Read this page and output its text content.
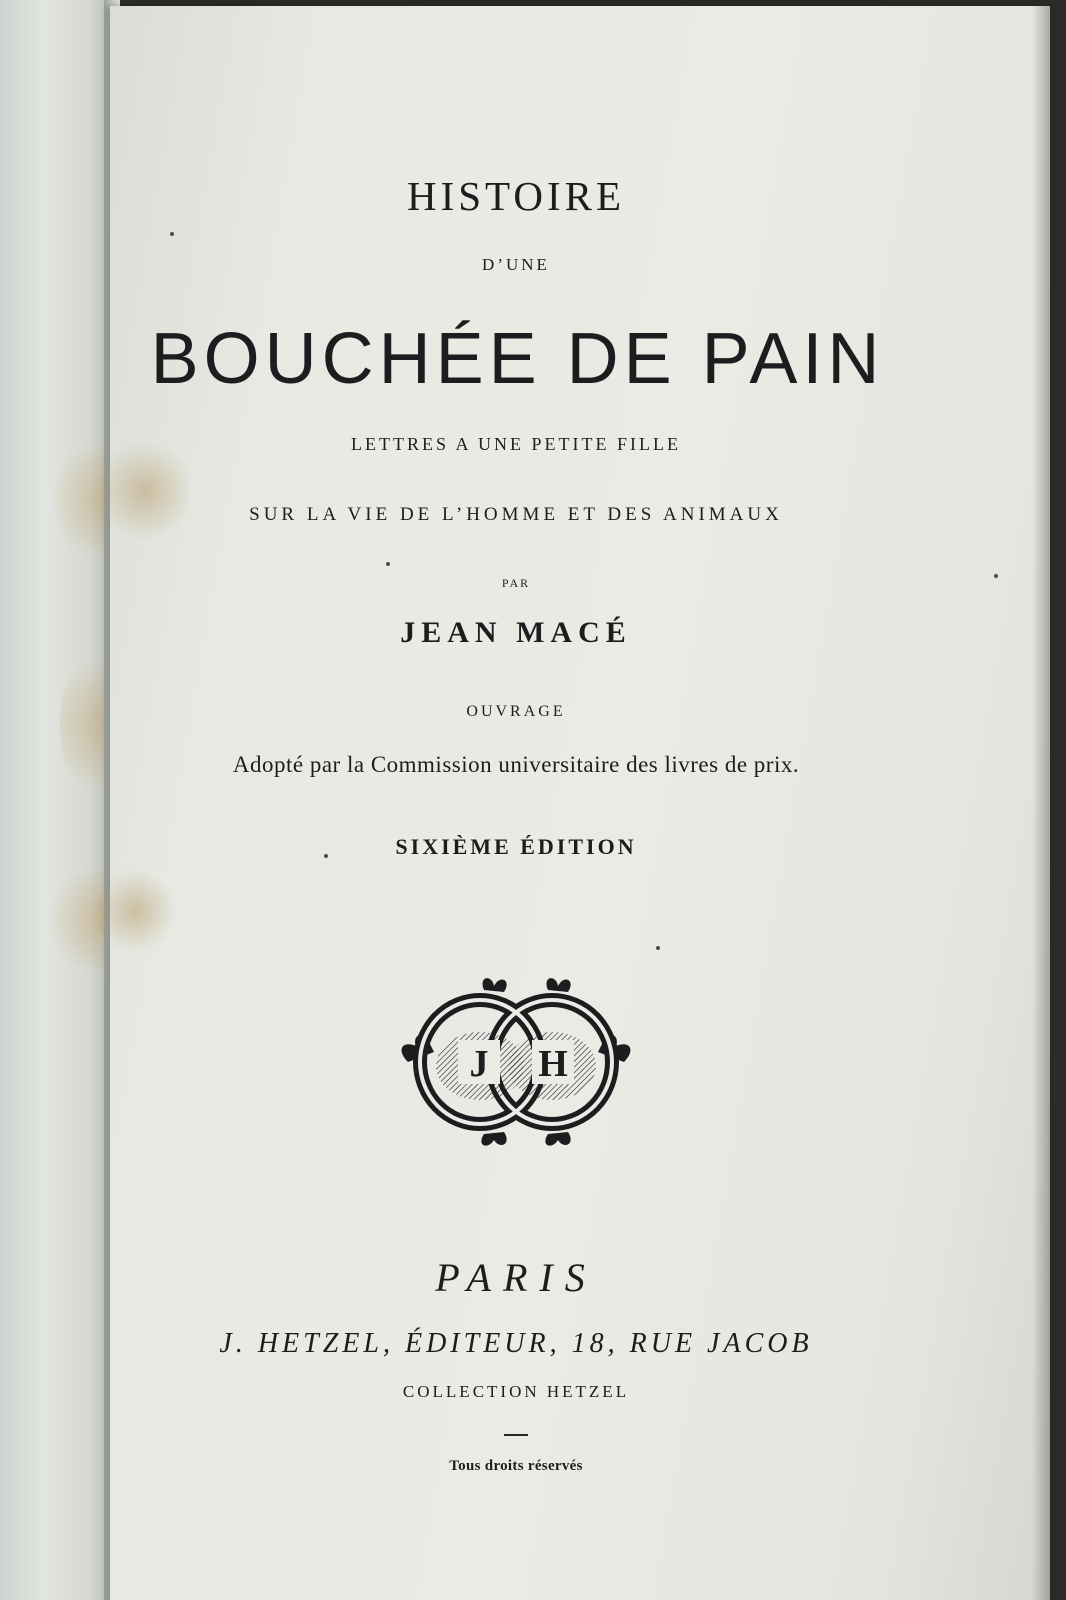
HISTOIRE
D’UNE
BOUCHÉE DE PAIN
LETTRES A UNE PETITE FILLE
SUR LA VIE DE L’HOMME ET DES ANIMAUX
PAR
JEAN MACÉ
OUVRAGE
Adopté par la Commission universitaire des livres de prix.
SIXIÈME ÉDITION
J H
PARIS
J. HETZEL, ÉDITEUR, 18, RUE JACOB
COLLECTION HETZEL
Tous droits réservés
